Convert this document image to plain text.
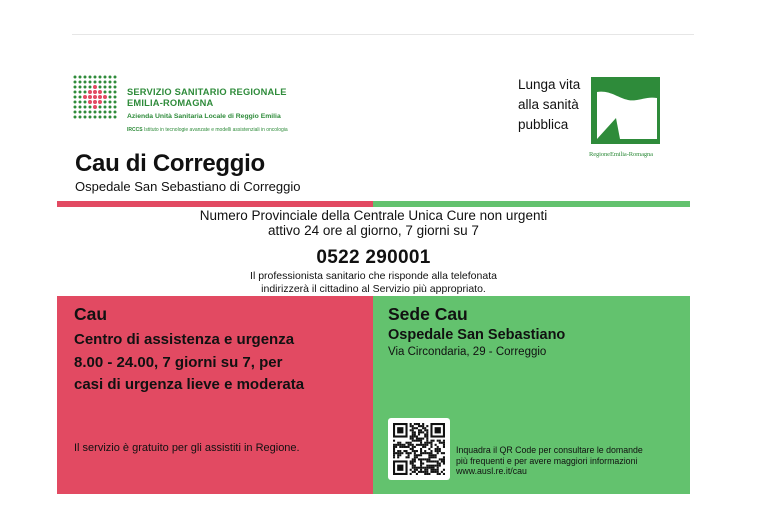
SERVIZIO SANITARIO REGIONALE
EMILIA-ROMAGNA
Azienda Unità Sanitaria Locale di Reggio Emilia
IRCCS Istituto in tecnologie avanzate e modelli assistenziali in oncologia
Lunga vita
alla sanità
pubblica
RegioneEmilia-Romagna
Cau di Correggio
Ospedale San Sebastiano di Correggio
Numero Provinciale della Centrale Unica Cure non urgenti
attivo 24 ore al giorno, 7 giorni su 7
0522 290001
Il professionista sanitario che risponde alla telefonata
indirizzerà il cittadino al Servizio più appropriato.
Cau
Centro di assistenza e urgenza
8.00 - 24.00, 7 giorni su 7, per
casi di urgenza lieve e moderata
Il servizio è gratuito per gli assistiti in Regione.
Sede Cau
Ospedale San Sebastiano
Via Circondaria, 29 - Correggio
Inquadra il QR Code per consultare le domande
più frequenti e per avere maggiori informazioni
www.ausl.re.it/cau
